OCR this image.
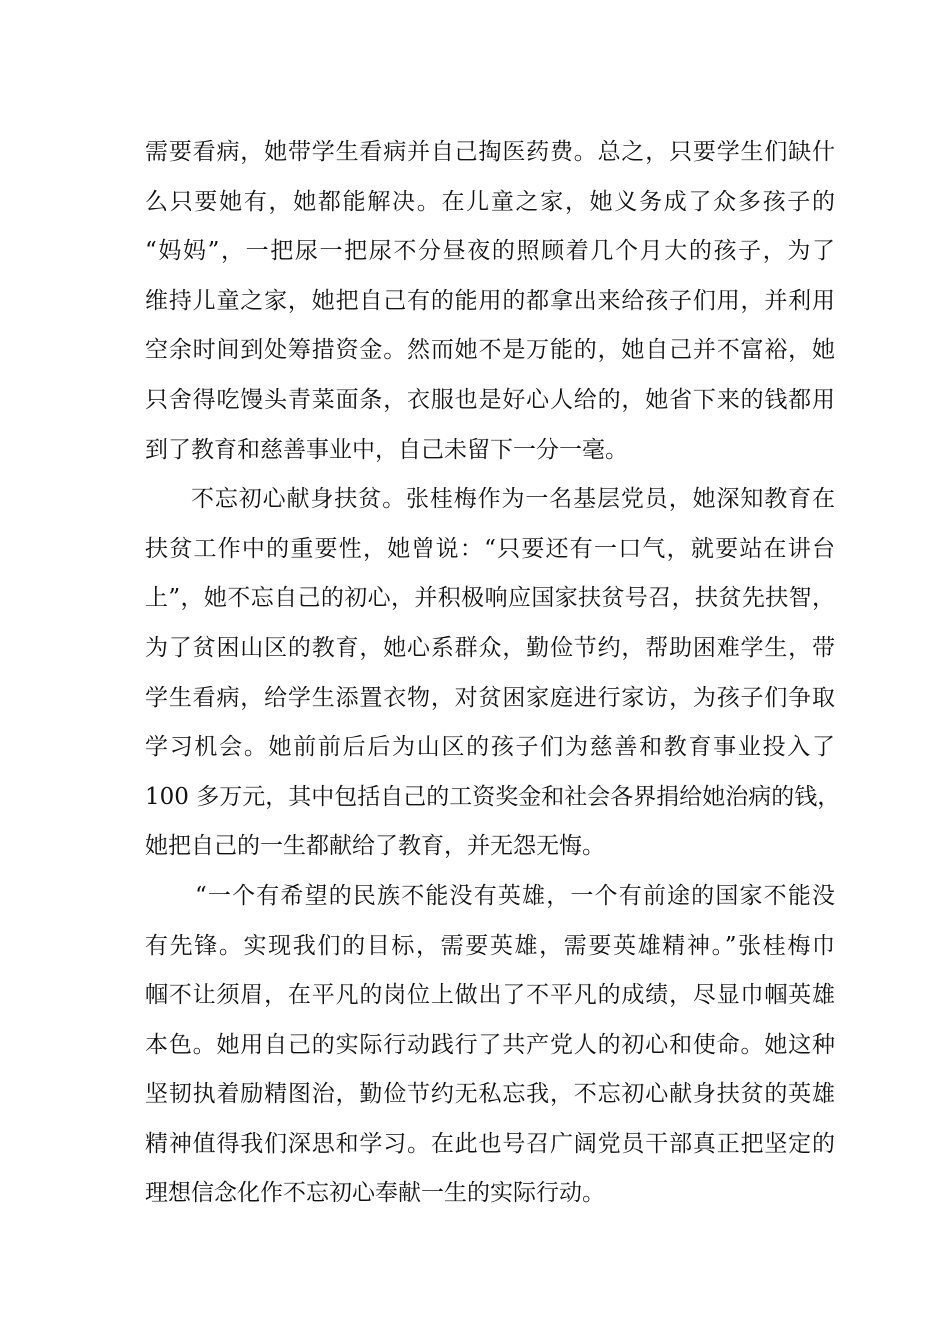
需要看病，她带学生看病并自己掏医药费。总之，只要学生们缺什
么只要她有，她都能解决。在儿童之家，她义务成了众多孩子的
“妈妈”，一把尿一把尿不分昼夜的照顾着几个月大的孩子，为了
维持儿童之家，她把自己有的能用的都拿出来给孩子们用，并利用
空余时间到处筹措资金。然而她不是万能的，她自己并不富裕，她
只舍得吃馒头青菜面条，衣服也是好心人给的，她省下来的钱都用
到了教育和慈善事业中，自己未留下一分一毫。
不忘初心献身扶贫。张桂梅作为一名基层党员，她深知教育在
扶贫工作中的重要性，她曾说：“只要还有一口气，就要站在讲台
上”，她不忘自己的初心，并积极响应国家扶贫号召，扶贫先扶智，
为了贫困山区的教育，她心系群众，勤俭节约，帮助困难学生，带
学生看病，给学生添置衣物，对贫困家庭进行家访，为孩子们争取
学习机会。她前前后后为山区的孩子们为慈善和教育事业投入了
100 多万元，其中包括自己的工资奖金和社会各界捐给她治病的钱，
她把自己的一生都献给了教育，并无怨无悔。
“一个有希望的民族不能没有英雄，一个有前途的国家不能没
有先锋。实现我们的目标，需要英雄，需要英雄精神。”张桂梅巾
帼不让须眉，在平凡的岗位上做出了不平凡的成绩，尽显巾帼英雄
本色。她用自己的实际行动践行了共产党人的初心和使命。她这种
坚韧执着励精图治，勤俭节约无私忘我，不忘初心献身扶贫的英雄
精神值得我们深思和学习。在此也号召广阔党员干部真正把坚定的
理想信念化作不忘初心奉献一生的实际行动。
